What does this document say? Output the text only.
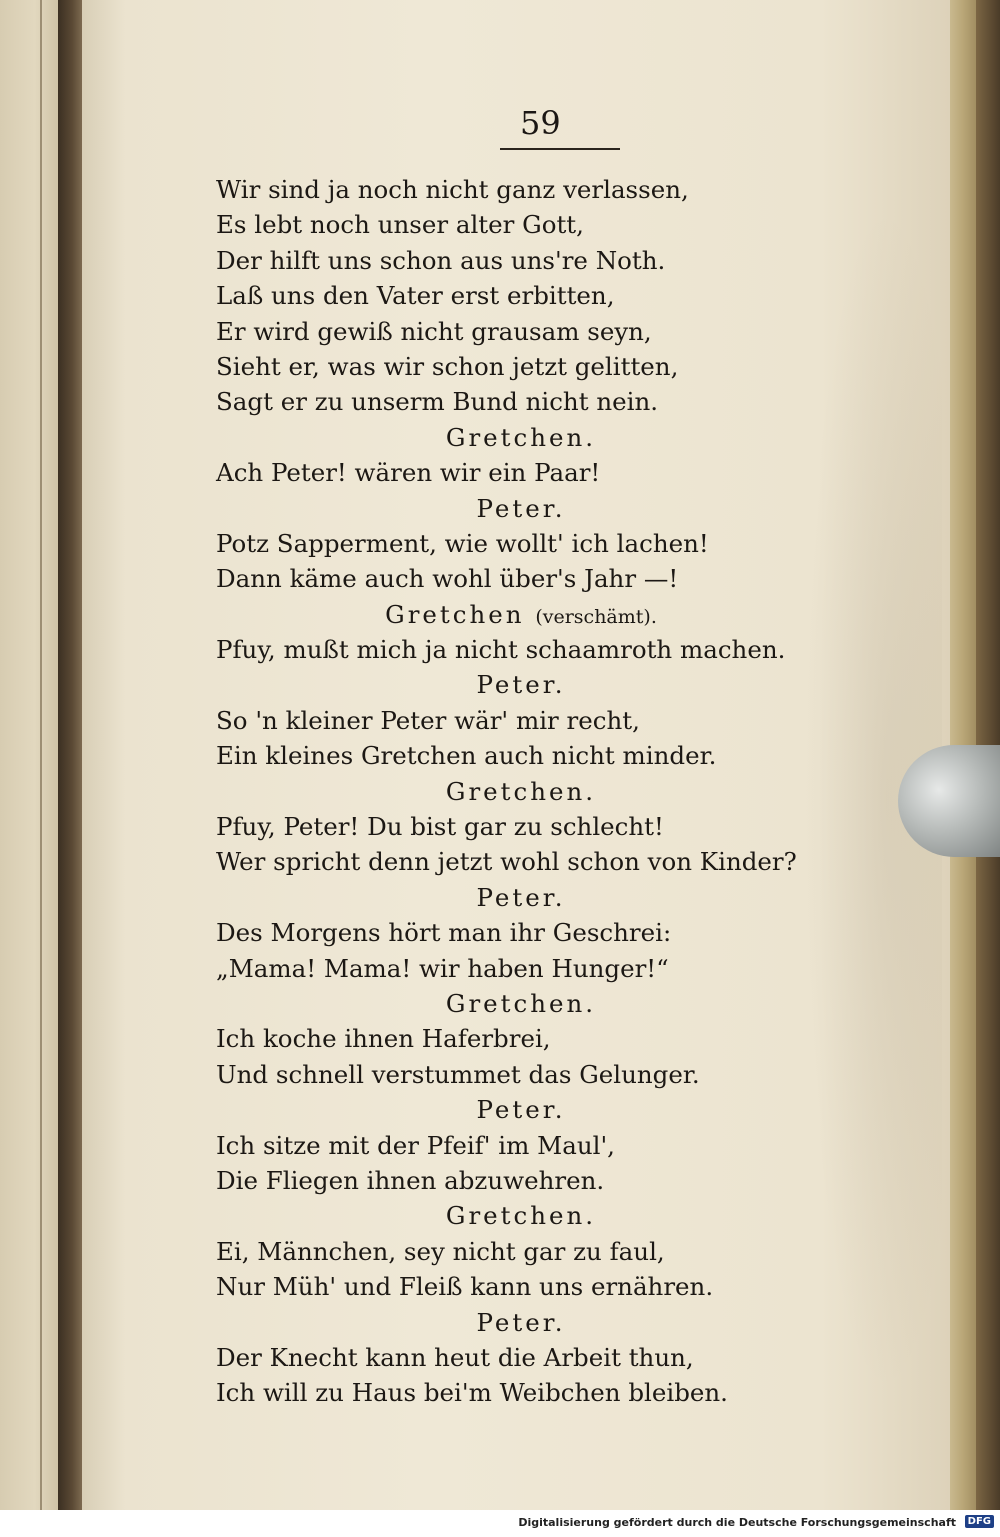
59
Wir sind ja noch nicht ganz verlassen,
Es lebt noch unser alter Gott,
Der hilft uns schon aus uns're Noth.
Laß uns den Vater erst erbitten,
Er wird gewiß nicht grausam seyn,
Sieht er, was wir schon jetzt gelitten,
Sagt er zu unserm Bund nicht nein.
Gretchen.
Ach Peter! wären wir ein Paar!
Peter.
Potz Sapperment, wie wollt' ich lachen!
Dann käme auch wohl über's Jahr —!
Gretchen (verschämt).
Pfuy, mußt mich ja nicht schaamroth machen.
Peter.
So 'n kleiner Peter wär' mir recht,
Ein kleines Gretchen auch nicht minder.
Gretchen.
Pfuy, Peter! Du bist gar zu schlecht!
Wer spricht denn jetzt wohl schon von Kinder?
Peter.
Des Morgens hört man ihr Geschrei:
„Mama! Mama! wir haben Hunger!“
Gretchen.
Ich koche ihnen Haferbrei,
Und schnell verstummet das Gelunger.
Peter.
Ich sitze mit der Pfeif' im Maul',
Die Fliegen ihnen abzuwehren.
Gretchen.
Ei, Männchen, sey nicht gar zu faul,
Nur Müh' und Fleiß kann uns ernähren.
Peter.
Der Knecht kann heut die Arbeit thun,
Ich will zu Haus bei'm Weibchen bleiben.
Digitalisierung gefördert durch die Deutsche Forschungsgemeinschaft	DFG
